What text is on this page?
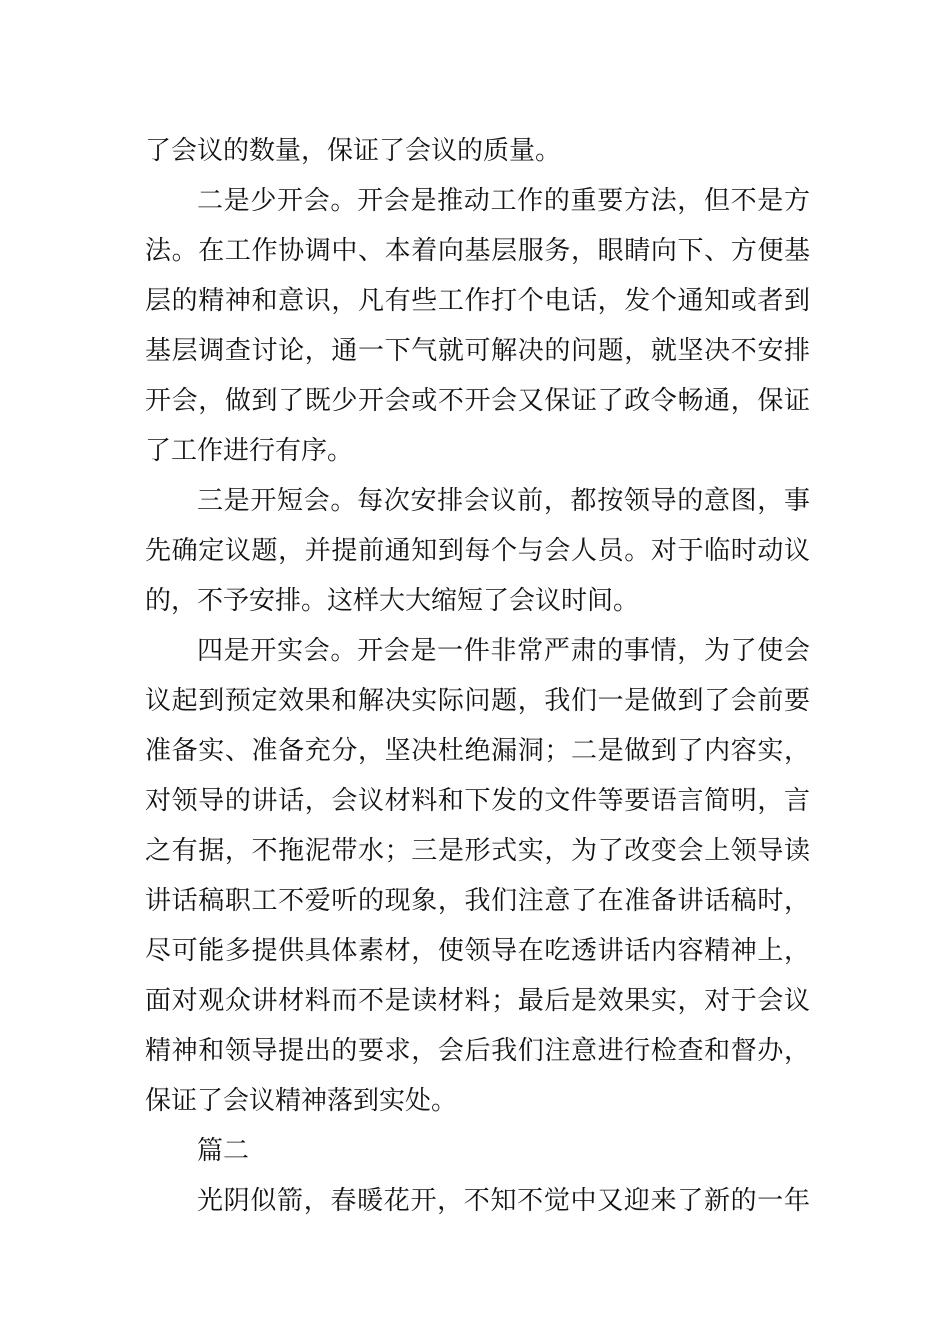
了会议的数量，保证了会议的质量。
二是少开会。开会是推动工作的重要方法，但不是方
法。在工作协调中、本着向基层服务，眼睛向下、方便基
层的精神和意识，凡有些工作打个电话，发个通知或者到
基层调查讨论，通一下气就可解决的问题，就坚决不安排
开会，做到了既少开会或不开会又保证了政令畅通，保证
了工作进行有序。
三是开短会。每次安排会议前，都按领导的意图，事
先确定议题，并提前通知到每个与会人员。对于临时动议
的，不予安排。这样大大缩短了会议时间。
四是开实会。开会是一件非常严肃的事情，为了使会
议起到预定效果和解决实际问题，我们一是做到了会前要
准备实、准备充分，坚决杜绝漏洞；二是做到了内容实，
对领导的讲话，会议材料和下发的文件等要语言简明，言
之有据，不拖泥带水；三是形式实，为了改变会上领导读
讲话稿职工不爱听的现象，我们注意了在准备讲话稿时，
尽可能多提供具体素材，使领导在吃透讲话内容精神上，
面对观众讲材料而不是读材料；最后是效果实，对于会议
精神和领导提出的要求，会后我们注意进行检查和督办，
保证了会议精神落到实处。
篇二
光阴似箭，春暖花开，不知不觉中又迎来了新的一年
